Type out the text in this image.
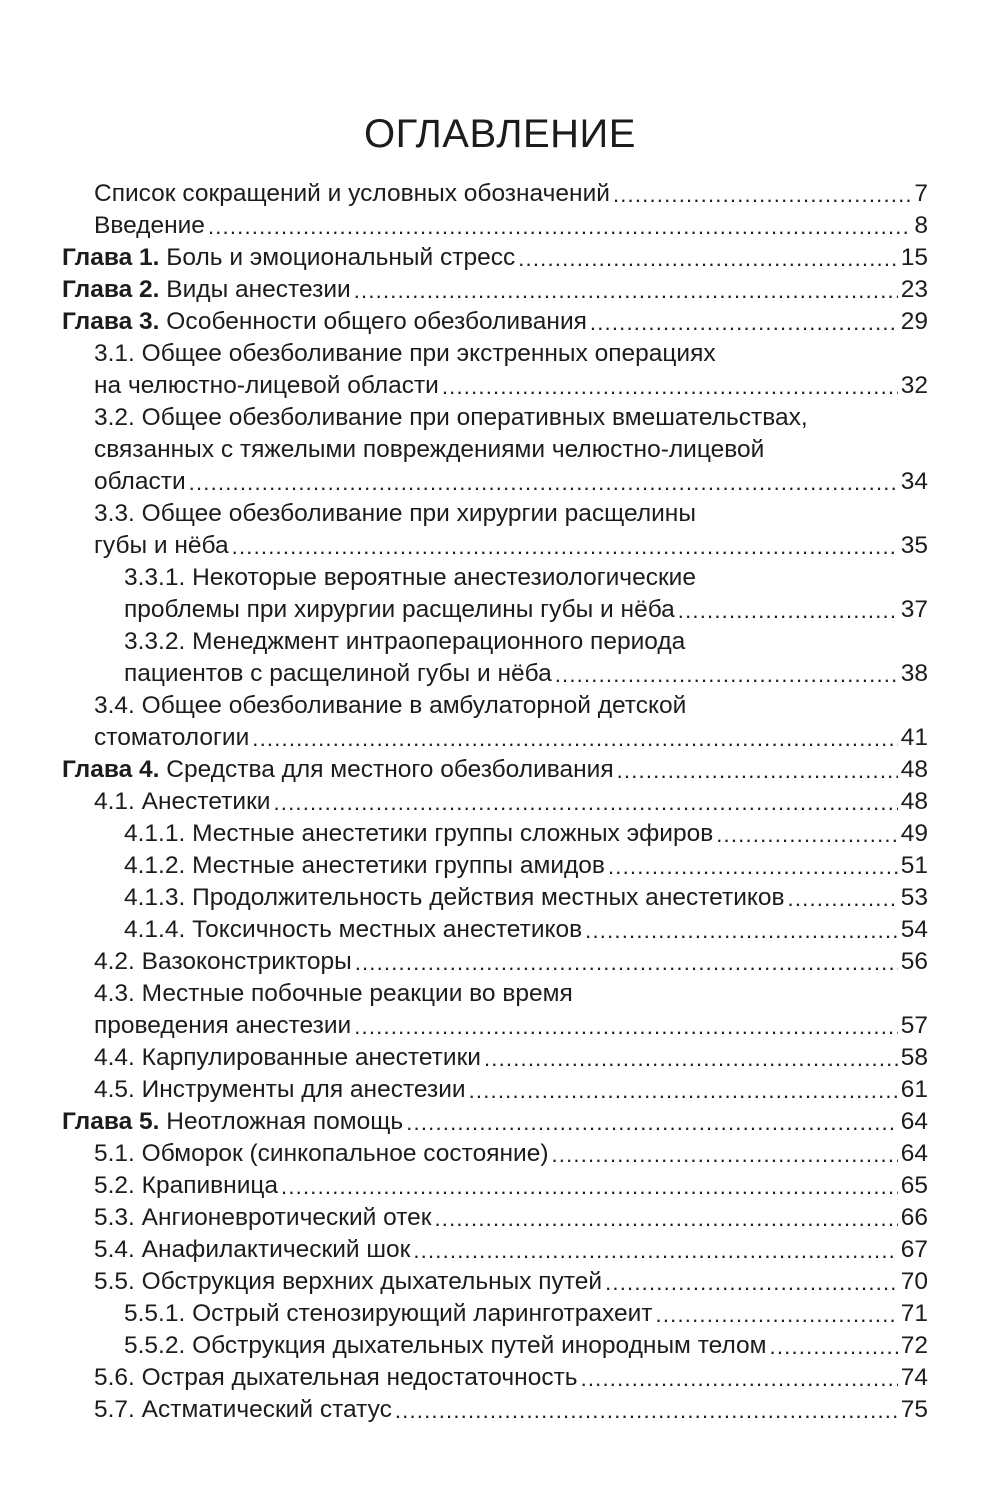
ОГЛАВЛЕНИЕ
Список сокращений и условных обозначений .....	7
Введение .....	8
Глава 1. Боль и эмоциональный стресс .....	15
Глава 2. Виды анестезии .....	23
Глава 3. Особенности общего обезболивания .....	29
3.1. Общее обезболивание при экстренных операциях
на челюстно-лицевой области .....	32
3.2. Общее обезболивание при оперативных вмешательствах,
связанных с тяжелыми повреждениями челюстно-лицевой
области .....	34
3.3. Общее обезболивание при хирургии расщелины
губы и нёба .....	35
3.3.1. Некоторые вероятные анестезиологические
проблемы при хирургии расщелины губы и нёба .....	37
3.3.2. Менеджмент интраоперационного периода
пациентов с расщелиной губы и нёба .....	38
3.4. Общее обезболивание в амбулаторной детской
стоматологии .....	41
Глава 4. Средства для местного обезболивания .....	48
4.1. Анестетики .....	48
4.1.1. Местные анестетики группы сложных эфиров .....	49
4.1.2. Местные анестетики группы амидов .....	51
4.1.3. Продолжительность действия местных анестетиков .....	53
4.1.4. Токсичность местных анестетиков .....	54
4.2. Вазоконстрикторы .....	56
4.3. Местные побочные реакции во время
проведения анестезии .....	57
4.4. Карпулированные анестетики .....	58
4.5. Инструменты для анестезии .....	61
Глава 5. Неотложная помощь .....	64
5.1. Обморок (синкопальное состояние) .....	64
5.2. Крапивница .....	65
5.3. Ангионевротический отек .....	66
5.4. Анафилактический шок .....	67
5.5. Обструкция верхних дыхательных путей .....	70
5.5.1. Острый стенозирующий ларинготрахеит .....	71
5.5.2. Обструкция дыхательных путей инородным телом .....	72
5.6. Острая дыхательная недостаточность .....	74
5.7. Астматический статус .....	75
